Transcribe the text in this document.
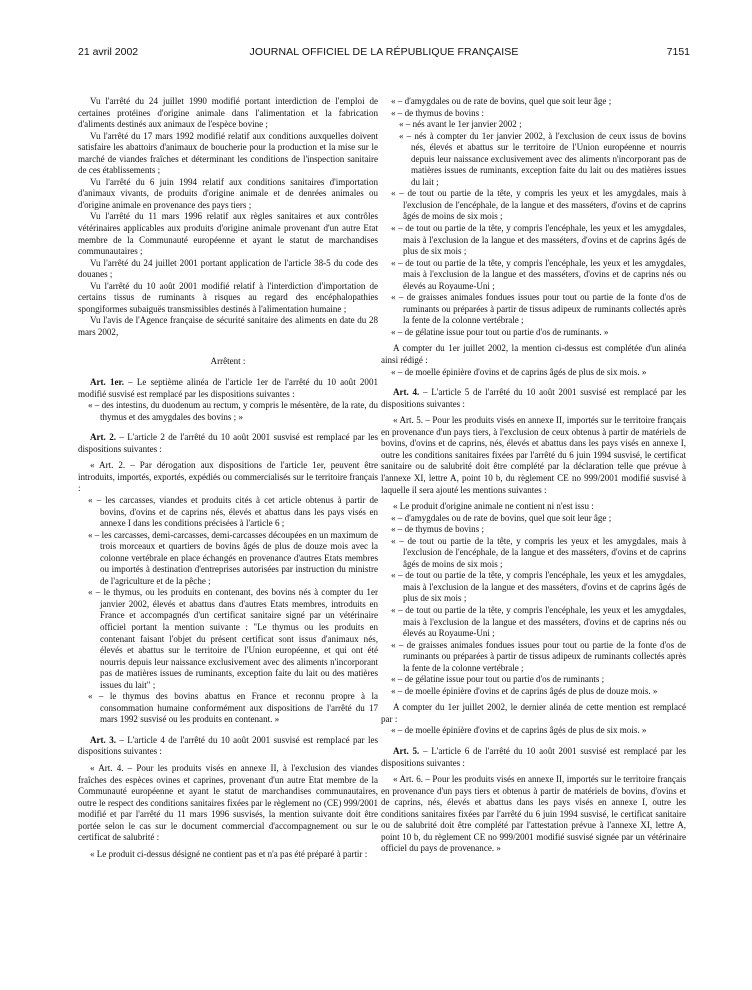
21 avril 2002	JOURNAL OFFICIEL DE LA RÉPUBLIQUE FRANÇAISE	7151

Vu l'arrêté du 24 juillet 1990 modifié portant interdiction de l'emploi de certaines protéines d'origine animale dans l'alimentation et la fabrication d'aliments destinés aux animaux de l'espèce bovine ;

Vu l'arrêté du 17 mars 1992 modifié relatif aux conditions auxquelles doivent satisfaire les abattoirs d'animaux de boucherie pour la production et la mise sur le marché de viandes fraîches et déterminant les conditions de l'inspection sanitaire de ces établissements ;

Vu l'arrêté du 6 juin 1994 relatif aux conditions sanitaires d'importation d'animaux vivants, de produits d'origine animale et de denrées animales ou d'origine animale en provenance des pays tiers ;

Vu l'arrêté du 11 mars 1996 relatif aux règles sanitaires et aux contrôles vétérinaires applicables aux produits d'origine animale provenant d'un autre Etat membre de la Communauté européenne et ayant le statut de marchandises communautaires ;

Vu l'arrêté du 24 juillet 2001 portant application de l'article 38-5 du code des douanes ;

Vu l'arrêté du 10 août 2001 modifié relatif à l'interdiction d'importation de certains tissus de ruminants à risques au regard des encéphalopathies spongiformes subaiguës transmissibles destinés à l'alimentation humaine ;

Vu l'avis de l'Agence française de sécurité sanitaire des aliments en date du 28 mars 2002,

Arrêtent :

Art. 1er. – Le septième alinéa de l'article 1er de l'arrêté du 10 août 2001 modifié susvisé est remplacé par les dispositions suivantes :

« – des intestins, du duodenum au rectum, y compris le mésentère, de la rate, du thymus et des amygdales des bovins ; »

Art. 2. – L'article 2 de l'arrêté du 10 août 2001 susvisé est remplacé par les dispositions suivantes :

« Art. 2. – Par dérogation aux dispositions de l'article 1er, peuvent être introduits, importés, exportés, expédiés ou commercialisés sur le territoire français :

« – les carcasses, viandes et produits cités à cet article obtenus à partir de bovins, d'ovins et de caprins nés, élevés et abattus dans les pays visés en annexe I dans les conditions précisées à l'article 6 ;

« – les carcasses, demi-carcasses, demi-carcasses découpées en un maximum de trois morceaux et quartiers de bovins âgés de plus de douze mois avec la colonne vertébrale en place échangés en provenance d'autres Etats membres ou importés à destination d'entreprises autorisées par instruction du ministre de l'agriculture et de la pêche ;

« – le thymus, ou les produits en contenant, des bovins nés à compter du 1er janvier 2002, élevés et abattus dans d'autres Etats membres, introduits en France et accompagnés d'un certificat sanitaire signé par un vétérinaire officiel portant la mention suivante : "Le thymus ou les produits en contenant faisant l'objet du présent certificat sont issus d'animaux nés, élevés et abattus sur le territoire de l'Union européenne, et qui ont été nourris depuis leur naissance exclusivement avec des aliments n'incorporant pas de matières issues de ruminants, exception faite du lait ou des matières issues du lait" ;

« – le thymus des bovins abattus en France et reconnu propre à la consommation humaine conformément aux dispositions de l'arrêté du 17 mars 1992 susvisé ou les produits en contenant. »

Art. 3. – L'article 4 de l'arrêté du 10 août 2001 susvisé est remplacé par les dispositions suivantes :

« Art. 4. – Pour les produits visés en annexe II, à l'exclusion des viandes fraîches des espèces ovines et caprines, provenant d'un autre Etat membre de la Communauté européenne et ayant le statut de marchandises communautaires, outre le respect des conditions sanitaires fixées par le règlement no (CE) 999/2001 modifié et par l'arrêté du 11 mars 1996 susvisés, la mention suivante doit être portée selon le cas sur le document commercial d'accompagnement ou sur le certificat de salubrité :

« Le produit ci-dessus désigné ne contient pas et n'a pas été préparé à partir :

« – d'amygdales ou de rate de bovins, quel que soit leur âge ;

« – de thymus de bovins :

« – nés avant le 1er janvier 2002 ;

« – nés à compter du 1er janvier 2002, à l'exclusion de ceux issus de bovins nés, élevés et abattus sur le territoire de l'Union européenne et nourris depuis leur naissance exclusivement avec des aliments n'incorporant pas de matières issues de ruminants, exception faite du lait ou des matières issues du lait ;

« – de tout ou partie de la tête, y compris les yeux et les amygdales, mais à l'exclusion de l'encéphale, de la langue et des masséters, d'ovins et de caprins âgés de moins de six mois ;

« – de tout ou partie de la tête, y compris l'encéphale, les yeux et les amygdales, mais à l'exclusion de la langue et des masséters, d'ovins et de caprins âgés de plus de six mois ;

« – de tout ou partie de la tête, y compris l'encéphale, les yeux et les amygdales, mais à l'exclusion de la langue et des masséters, d'ovins et de caprins nés ou élevés au Royaume-Uni ;

« – de graisses animales fondues issues pour tout ou partie de la fonte d'os de ruminants ou préparées à partir de tissus adipeux de ruminants collectés après la fente de la colonne vertébrale ;

« – de gélatine issue pour tout ou partie d'os de ruminants. »

A compter du 1er juillet 2002, la mention ci-dessus est complétée d'un alinéa ainsi rédigé :

« – de moelle épinière d'ovins et de caprins âgés de plus de six mois. »

Art. 4. – L'article 5 de l'arrêté du 10 août 2001 susvisé est remplacé par les dispositions suivantes :

« Art. 5. – Pour les produits visés en annexe II, importés sur le territoire français en provenance d'un pays tiers, à l'exclusion de ceux obtenus à partir de matériels de bovins, d'ovins et de caprins, nés, élevés et abattus dans les pays visés en annexe I, outre les conditions sanitaires fixées par l'arrêté du 6 juin 1994 susvisé, le certificat sanitaire ou de salubrité doit être complété par la déclaration telle que prévue à l'annexe XI, lettre A, point 10 b, du règlement CE no 999/2001 modifié susvisé à laquelle il sera ajouté les mentions suivantes :

« Le produit d'origine animale ne contient ni n'est issu :

« – d'amygdales ou de rate de bovins, quel que soit leur âge ;

« – de thymus de bovins ;

« – de tout ou partie de la tête, y compris les yeux et les amygdales, mais à l'exclusion de l'encéphale, de la langue et des masséters, d'ovins et de caprins âgés de moins de six mois ;

« – de tout ou partie de la tête, y compris l'encéphale, les yeux et les amygdales, mais à l'exclusion de la langue et des masséters, d'ovins et de caprins âgés de plus de six mois ;

« – de tout ou partie de la tête, y compris l'encéphale, les yeux et les amygdales, mais à l'exclusion de la langue et des masséters, d'ovins et de caprins nés ou élevés au Royaume-Uni ;

« – de graisses animales fondues issues pour tout ou partie de la fonte d'os de ruminants ou préparées à partir de tissus adipeux de ruminants collectés après la fente de la colonne vertébrale ;

« – de gélatine issue pour tout ou partie d'os de ruminants ;

« – de moelle épinière d'ovins et de caprins âgés de plus de douze mois. »

A compter du 1er juillet 2002, le dernier alinéa de cette mention est remplacé par :

« – de moelle épinière d'ovins et de caprins âgés de plus de six mois. »

Art. 5. – L'article 6 de l'arrêté du 10 août 2001 susvisé est remplacé par les dispositions suivantes :

« Art. 6. – Pour les produits visés en annexe II, importés sur le territoire français en provenance d'un pays tiers et obtenus à partir de matériels de bovins, d'ovins et de caprins, nés, élevés et abattus dans les pays visés en annexe I, outre les conditions sanitaires fixées par l'arrêté du 6 juin 1994 susvisé, le certificat sanitaire ou de salubrité doit être complété par l'attestation prévue à l'annexe XI, lettre A, point 10 b, du règlement CE no 999/2001 modifié susvisé signée par un vétérinaire officiel du pays de provenance. »
